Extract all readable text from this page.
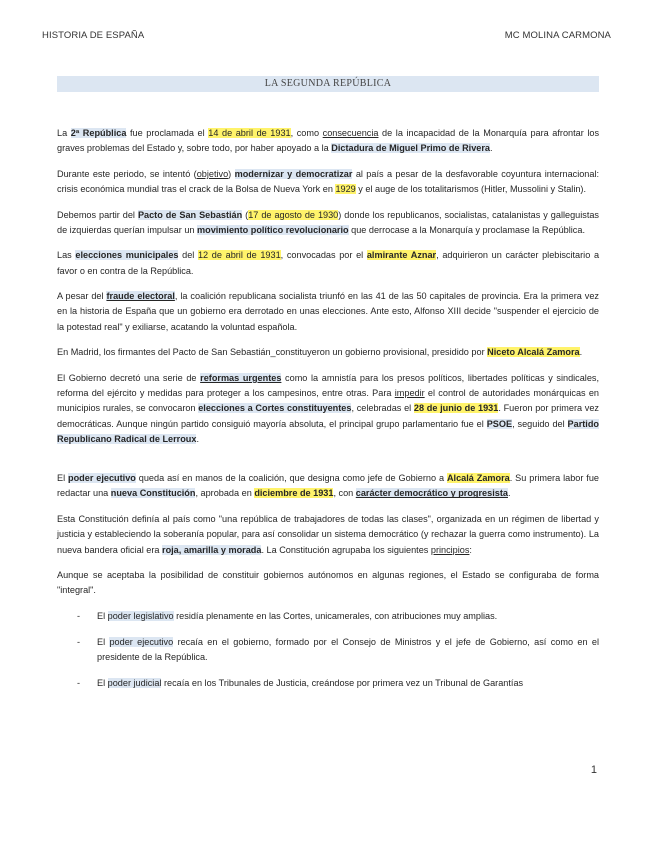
HISTORIA DE ESPAÑA	MC MOLINA CARMONA
LA SEGUNDA REPÚBLICA

La 2ª República fue proclamada el 14 de abril de 1931, como consecuencia de la incapacidad de la Monarquía para afrontar los graves problemas del Estado y, sobre todo, por haber apoyado a la Dictadura de Miguel Primo de Rivera.

Durante este periodo, se intentó (objetivo) modernizar y democratizar al país a pesar de la desfavorable coyuntura internacional: crisis económica mundial tras el crack de la Bolsa de Nueva York en 1929 y el auge de los totalitarismos (Hitler, Mussolini y Stalin).

Debemos partir del Pacto de San Sebastián (17 de agosto de 1930) donde los republicanos, socialistas, catalanistas y galleguistas de izquierdas querían impulsar un movimiento político revolucionario que derrocase a la Monarquía y proclamase la República.

Las elecciones municipales del 12 de abril de 1931, convocadas por el almirante Aznar, adquirieron un carácter plebiscitario a favor o en contra de la República.

A pesar del fraude electoral, la coalición republicana socialista triunfó en las 41 de las 50 capitales de provincia. Era la primera vez en la historia de España que un gobierno era derrotado en unas elecciones. Ante esto, Alfonso XIII decide "suspender el ejercicio de la potestad real" y exiliarse, acatando la voluntad española.

En Madrid, los firmantes del Pacto de San Sebastián_constituyeron un gobierno provisional, presidido por Niceto Alcalá Zamora.

El Gobierno decretó una serie de reformas urgentes como la amnistía para los presos políticos, libertades políticas y sindicales, reforma del ejército y medidas para proteger a los campesinos, entre otras. Para impedir el control de autoridades monárquicas en municipios rurales, se convocaron elecciones a Cortes constituyentes, celebradas el 28 de junio de 1931. Fueron por primera vez democráticas. Aunque ningún partido consiguió mayoría absoluta, el principal grupo parlamentario fue el PSOE, seguido del Partido Republicano Radical de Lerroux.

El poder ejecutivo queda así en manos de la coalición, que designa como jefe de Gobierno a Alcalá Zamora. Su primera labor fue redactar una nueva Constitución, aprobada en diciembre de 1931, con carácter democrático y progresista.

Esta Constitución definía al país como "una república de trabajadores de todas las clases", organizada en un régimen de libertad y justicia y estableciendo la soberanía popular, para así consolidar un sistema democrático (y rechazar la guerra como instrumento). La nueva bandera oficial era roja, amarilla y morada. La Constitución agrupaba los siguientes principios:

Aunque se aceptaba la posibilidad de constituir gobiernos autónomos en algunas regiones, el Estado se configuraba de forma "integral".

- El poder legislativo residía plenamente en las Cortes, unicamerales, con atribuciones muy amplias.
- El poder ejecutivo recaía en el gobierno, formado por el Consejo de Ministros y el jefe de Gobierno, así como en el presidente de la República.
- El poder judicial recaía en los Tribunales de Justicia, creándose por primera vez un Tribunal de Garantías
1
